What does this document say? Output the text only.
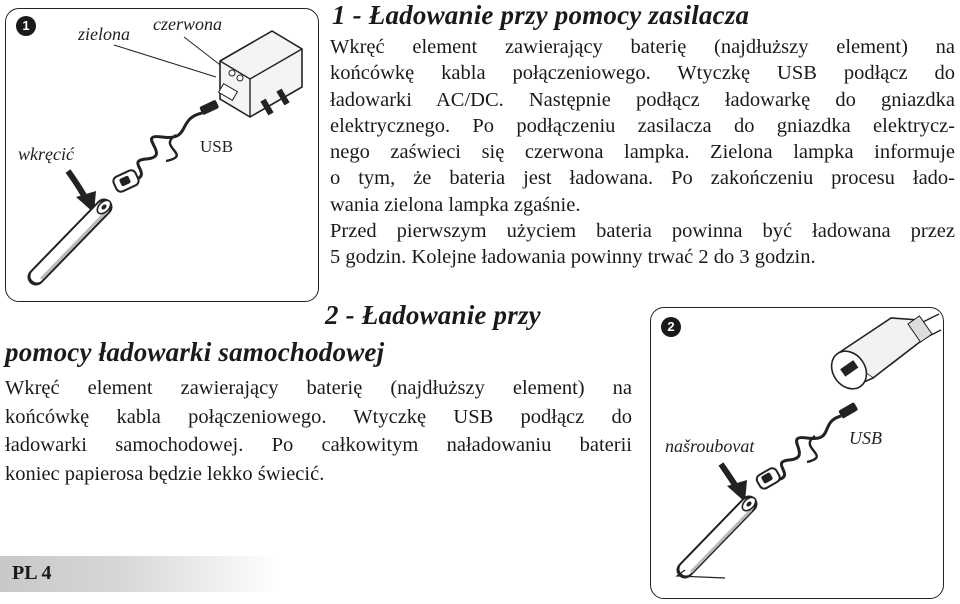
1	zielona czerwona
wkręcić	USB
1 - Ładowanie przy pomocy zasilacza
Wkręć element zawierający baterię (najdłuższy element) na
końcówkę kabla połączeniowego. Wtyczkę USB podłącz do
ładowarki AC/DC. Następnie podłącz ładowarkę do gniazdka
elektrycznego. Po podłączeniu zasilacza do gniazdka elektrycz-
nego zaświeci się czerwona lampka. Zielona lampka informuje
o tym, że bateria jest ładowana. Po zakończeniu procesu łado-
wania zielona lampka zgaśnie.
Przed pierwszym użyciem bateria powinna być ładowana przez
5 godzin. Kolejne ładowania powinny trwać 2 do 3 godzin.
2 - Ładowanie przy
pomocy ładowarki samochodowej
Wkręć element zawierający baterię (najdłuższy element) na
końcówkę kabla połączeniowego. Wtyczkę USB podłącz do
ładowarki samochodowej. Po całkowitym naładowaniu baterii
koniec papierosa będzie lekko świecić.
2
našroubovat	USB
PL 4
